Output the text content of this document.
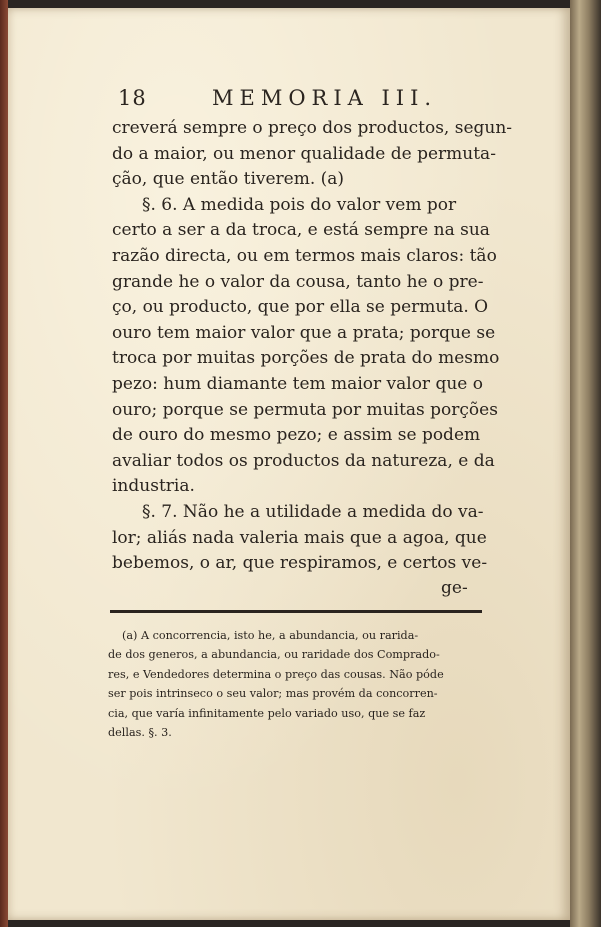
18	MEMORIA III.
creverá sempre o preço dos productos, segun-
do a maior, ou menor qualidade de permuta-
ção, que então tiverem. (a)
§. 6. A medida pois do valor vem por
certo a ser a da troca, e está sempre na sua
razão directa, ou em termos mais claros: tão
grande he o valor da cousa, tanto he o pre-
ço, ou producto, que por ella se permuta. O
ouro tem maior valor que a prata; porque se
troca por muitas porções de prata do mesmo
pezo: hum diamante tem maior valor que o
ouro; porque se permuta por muitas porções
de ouro do mesmo pezo; e assim se podem
avaliar todos os productos da natureza, e da
industria.
§. 7. Não he a utilidade a medida do va-
lor; aliás nada valeria mais que a agoa, que
bebemos, o ar, que respiramos, e certos ve-
ge-
(a) A concorrencia, isto he, a abundancia, ou rarida-
de dos generos, a abundancia, ou raridade dos Comprado-
res, e Vendedores determina o preço das cousas. Não póde
ser pois intrinseco o seu valor; mas provém da concorren-
cia, que varía infinitamente pelo variado uso, que se faz
dellas. §. 3.
